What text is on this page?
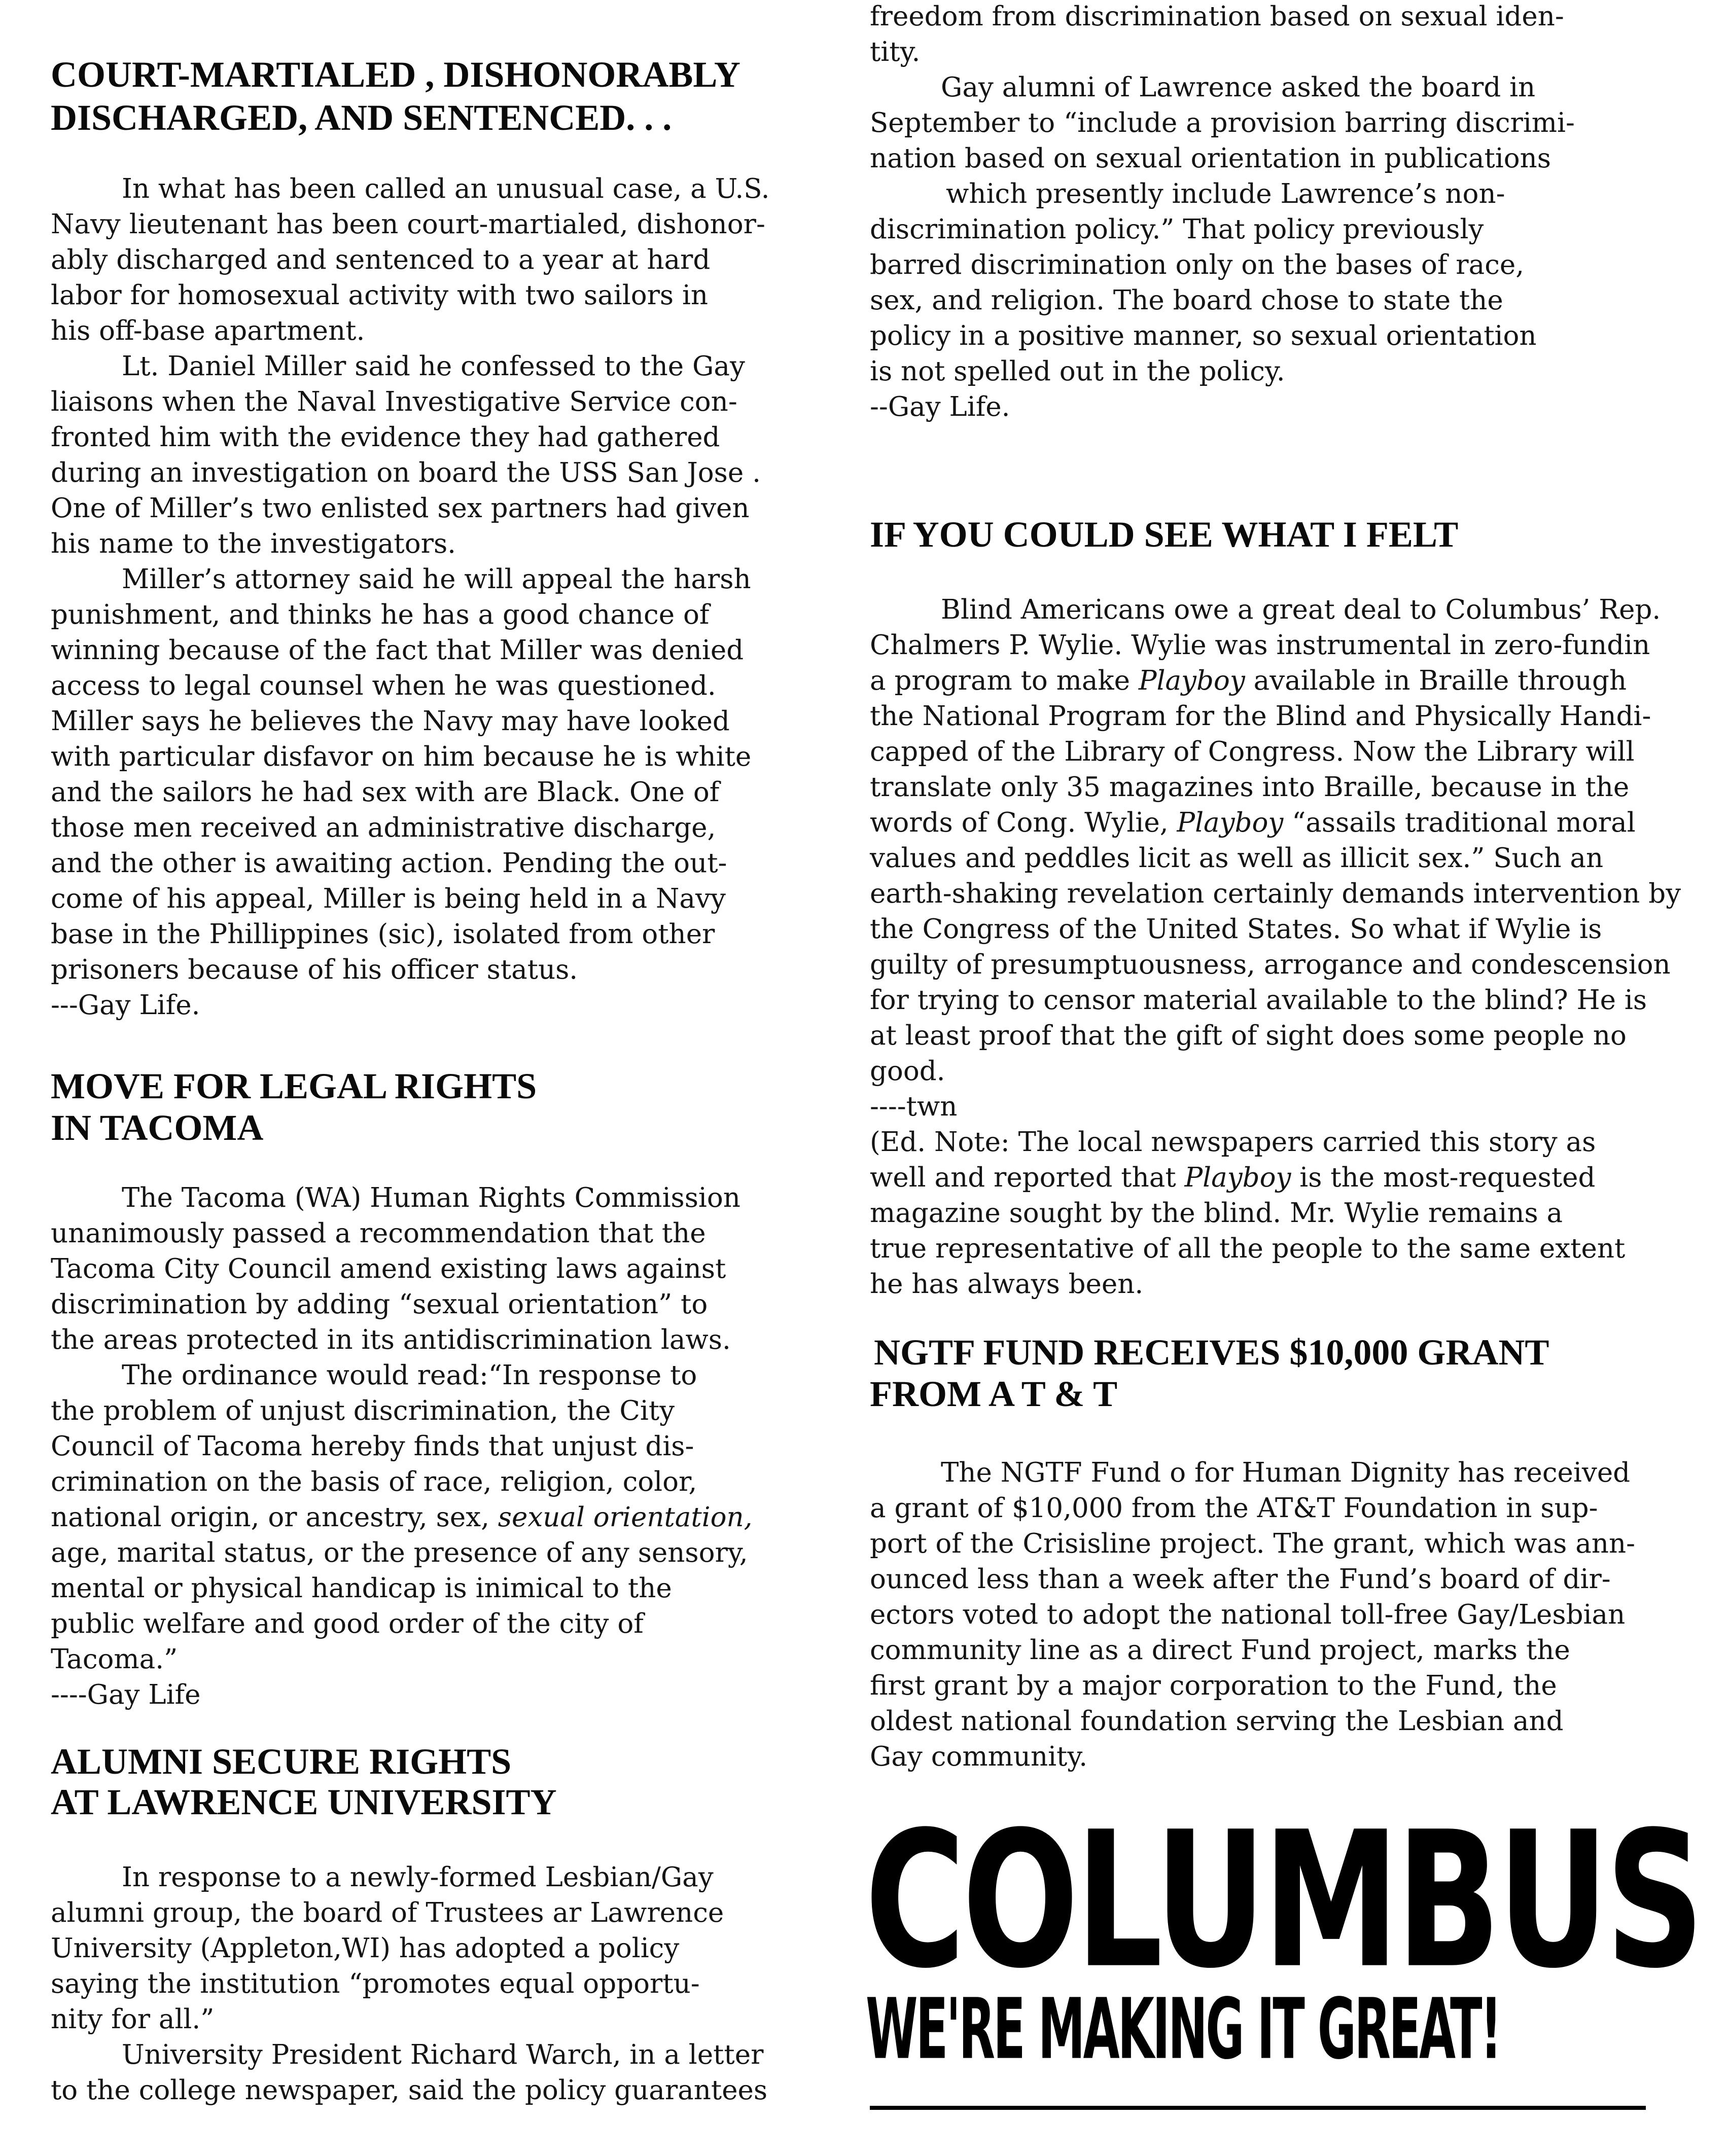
COURT-MARTIALED , DISHONORABLY
DISCHARGED, AND SENTENCED. . .

In what has been called an unusual case, a U.S.

Navy lieutenant has been court-martialed, dishonor-

ably discharged and sentenced to a year at hard

labor for homosexual activity with two sailors in

his off-base apartment.

Lt. Daniel Miller said he confessed to the Gay

liaisons when the Naval Investigative Service con-

fronted him with the evidence they had gathered

during an investigation on board the USS San Jose .

One of Miller’s two enlisted sex partners had given

his name to the investigators.

Miller’s attorney said he will appeal the harsh

punishment, and thinks he has a good chance of

winning because of the fact that Miller was denied

access to legal counsel when he was questioned.

Miller says he believes the Navy may have looked

with particular disfavor on him because he is white

and the sailors he had sex with are Black. One of

those men received an administrative discharge,

and the other is awaiting action. Pending the out-

come of his appeal, Miller is being held in a Navy

base in the Phillippines (sic), isolated from other

prisoners because of his officer status.

---Gay Life.

MOVE FOR LEGAL RIGHTS
IN TACOMA

The Tacoma (WA) Human Rights Commission

unanimously passed a recommendation that the

Tacoma City Council amend existing laws against

discrimination by adding “sexual orientation” to

the areas protected in its antidiscrimination laws.

The ordinance would read:“In response to

the problem of unjust discrimination, the City

Council of Tacoma hereby finds that unjust dis-

crimination on the basis of race, religion, color,

national origin, or ancestry, sex, sexual orientation,

age, marital status, or the presence of any sensory,

mental or physical handicap is inimical to the

public welfare and good order of the city of

Tacoma.”

----Gay Life

ALUMNI SECURE RIGHTS
AT LAWRENCE UNIVERSITY

In response to a newly-formed Lesbian/Gay

alumni group, the board of Trustees ar Lawrence

University (Appleton,WI) has adopted a policy

saying the institution “promotes equal opportu-

nity for all.”

University President Richard Warch, in a letter

to the college newspaper, said the policy guarantees

freedom from discrimination based on sexual iden-

tity.

Gay alumni of Lawrence asked the board in

September to “include a provision barring discrimi-

nation based on sexual orientation in publications

which presently include Lawrence’s non-

discrimination policy.” That policy previously

barred discrimination only on the bases of race,

sex, and religion. The board chose to state the

policy in a positive manner, so sexual orientation

is not spelled out in the policy.

--Gay Life.

IF YOU COULD SEE WHAT I FELT

Blind Americans owe a great deal to Columbus’ Rep.

Chalmers P. Wylie. Wylie was instrumental in zero-fundin

a program to make Playboy available in Braille through

the National Program for the Blind and Physically Handi-

capped of the Library of Congress. Now the Library will

translate only 35 magazines into Braille, because in the

words of Cong. Wylie, Playboy “assails traditional moral

values and peddles licit as well as illicit sex.” Such an

earth-shaking revelation certainly demands intervention by

the Congress of the United States. So what if Wylie is

guilty of presumptuousness, arrogance and condescension

for trying to censor material available to the blind? He is

at least proof that the gift of sight does some people no

good.

----twn

(Ed. Note: The local newspapers carried this story as

well and reported that Playboy is the most-requested

magazine sought by the blind. Mr. Wylie remains a

true representative of all the people to the same extent

he has always been.

NGTF FUND RECEIVES $10,000 GRANT
FROM A T & T

The NGTF Fund o for Human Dignity has received

a grant of $10,000 from the AT&T Foundation in sup-

port of the Crisisline project. The grant, which was ann-

ounced less than a week after the Fund’s board of dir-

ectors voted to adopt the national toll-free Gay/Lesbian

community line as a direct Fund project, marks the

first grant by a major corporation to the Fund, the

oldest national foundation serving the Lesbian and

Gay community.

COLUMBUS
WE'RE MAKING IT GREAT!
